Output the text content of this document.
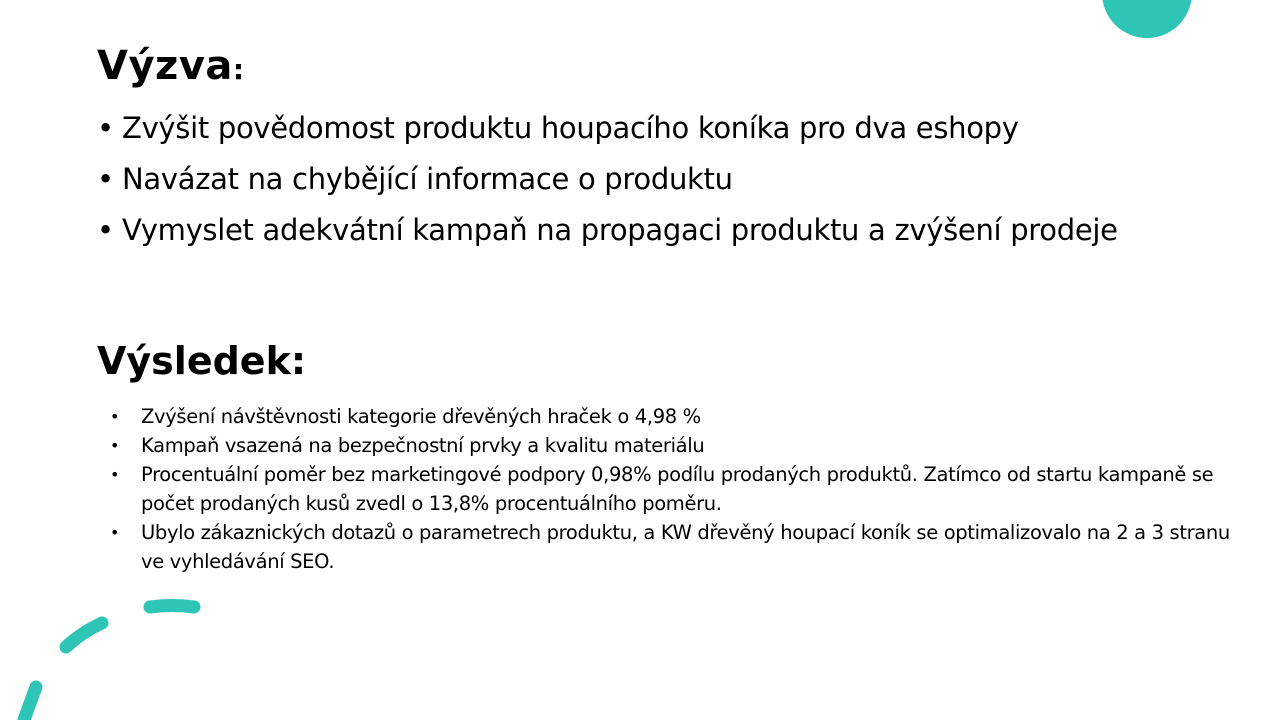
Výzva:
• Zvýšit povědomost produktu houpacího koníka pro dva eshopy
• Navázat na chybějící informace o produktu
• Vymyslet adekvátní kampaň na propagaci produktu a zvýšení prodeje
Výsledek:
• Zvýšení návštěvnosti kategorie dřevěných hraček o 4,98 %
• Kampaň vsazená na bezpečnostní prvky a kvalitu materiálu
• Procentuální poměr bez marketingové podpory 0,98% podílu prodaných produktů. Zatímco od startu kampaně se počet prodaných kusů zvedl o 13,8% procentuálního poměru.
• Ubylo zákaznických dotazů o parametrech produktu, a KW dřevěný houpací koník se optimalizovalo na 2 a 3 stranu ve vyhledávání SEO.
